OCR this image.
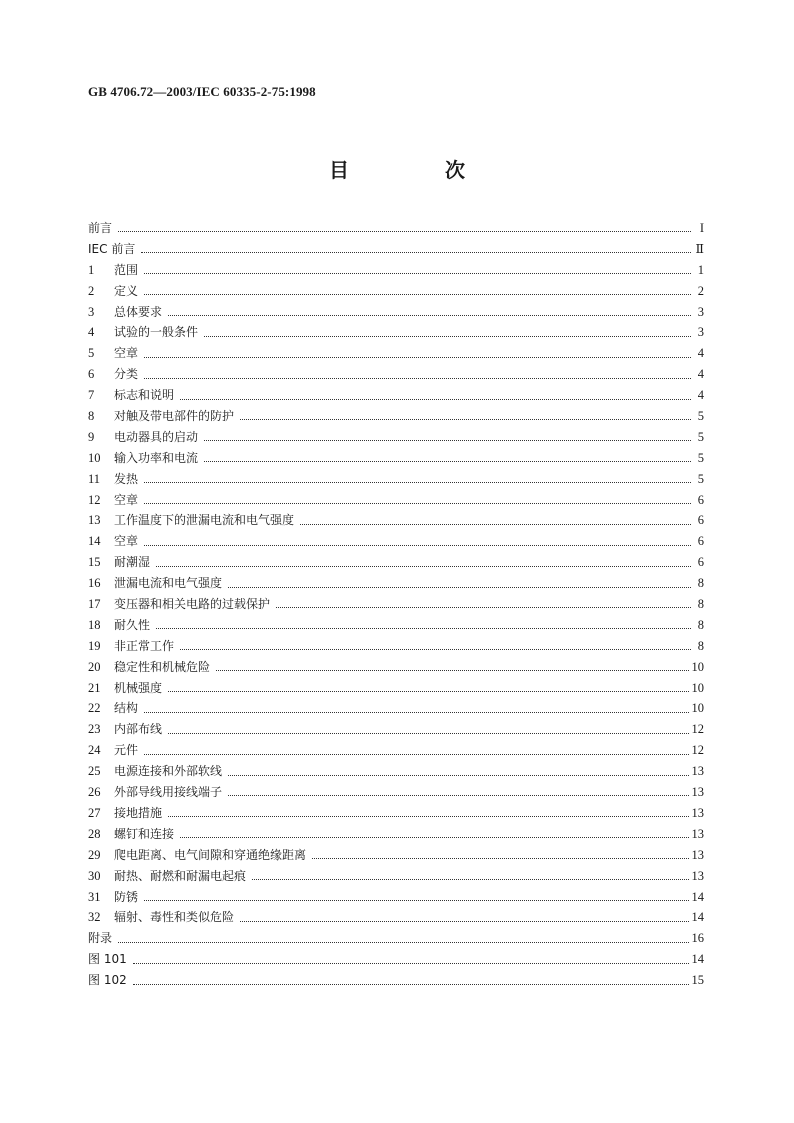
GB 4706.72—2003/IEC 60335-2-75:1998
目　次
前言	I
IEC 前言	Ⅱ
1	范围	1
2	定义	2
3	总体要求	3
4	试验的一般条件	3
5	空章	4
6	分类	4
7	标志和说明	4
8	对触及带电部件的防护	5
9	电动器具的启动	5
10	输入功率和电流	5
11	发热	5
12	空章	6
13	工作温度下的泄漏电流和电气强度	6
14	空章	6
15	耐潮湿	6
16	泄漏电流和电气强度	8
17	变压器和相关电路的过载保护	8
18	耐久性	8
19	非正常工作	8
20	稳定性和机械危险	10
21	机械强度	10
22	结构	10
23	内部布线	12
24	元件	12
25	电源连接和外部软线	13
26	外部导线用接线端子	13
27	接地措施	13
28	螺钉和连接	13
29	爬电距离、电气间隙和穿通绝缘距离	13
30	耐热、耐燃和耐漏电起痕	13
31	防锈	14
32	辐射、毒性和类似危险	14
附录	16
图 101	14
图 102	15
